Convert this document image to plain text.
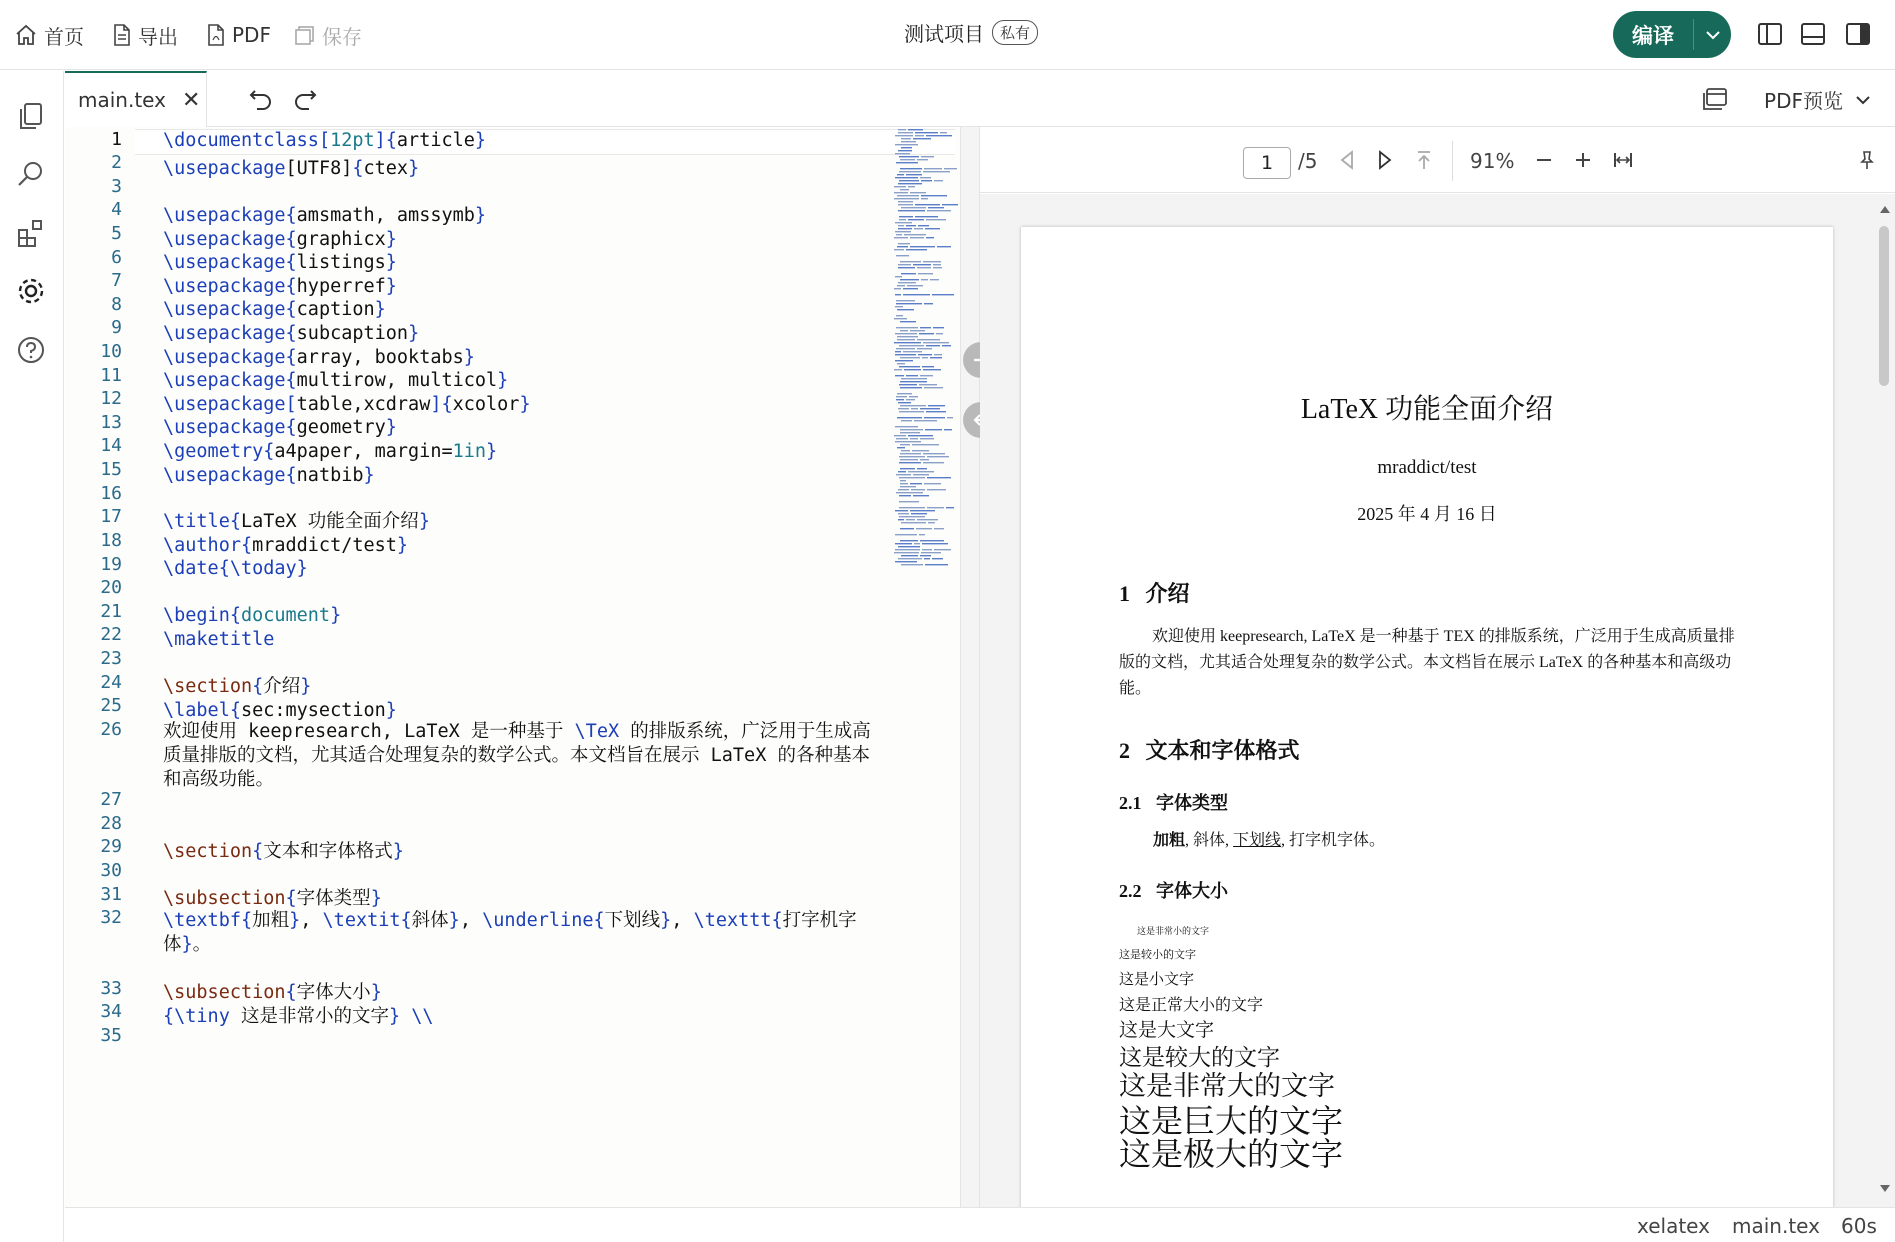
首页	导出	PDF	保存	测试项目	私有	编译
main.tex ✕
1
2
3
4
5
6
7
8
9
10
11
12
13
14
15
16
17
18
19
20
21
22
23
24
25
26
27
28
29
30
31
32
33
34
35
\documentclass[12pt]{article}
\usepackage[UTF8]{ctex}
\usepackage{amsmath, amssymb}
\usepackage{graphicx}
\usepackage{listings}
\usepackage{hyperref}
\usepackage{caption}
\usepackage{subcaption}
\usepackage{array, booktabs}
\usepackage{multirow, multicol}
\usepackage[table,xcdraw]{xcolor}
\usepackage{geometry}
\geometry{a4paper, margin=1in}
\usepackage{natbib}
\title{LaTeX 功能全面介绍}
\author{mraddict/test}
\date{\today}
\begin{document}
\maketitle
\section{介绍}
\label{sec:mysection}
欢迎使用 keepresearch, LaTeX 是一种基于 \TeX 的排版系统，广泛用于生成高质量排版的文档，尤其适合处理复杂的数学公式。本文档旨在展示 LaTeX 的各种基本和高级功能。
\section{文本和字体格式}
\subsection{字体类型}
\textbf{加粗}, \textit{斜体}, \underline{下划线}, \texttt{打字机字体}。
\subsection{字体大小}
{\tiny 这是非常小的文字} \\
PDF预览
1	/5	91%
LaTeX 功能全面介绍
mraddict/test
2025 年 4 月 16 日
1 介绍
欢迎使用 keepresearch, LaTeX 是一种基于 TEX 的排版系统，广泛用于生成高质量排版的文档，尤其适合处理复杂的数学公式。本文档旨在展示 LaTeX 的各种基本和高级功能。
2 文本和字体格式
2.1 字体类型
加粗, 斜体, 下划线, 打字机字体。
2.2 字体大小
这是非常小的文字
这是较小的文字
这是小文字
这是正常大小的文字
这是大文字
这是较大的文字
这是非常大的文字
这是巨大的文字
这是极大的文字
xelatex main.tex 60s
